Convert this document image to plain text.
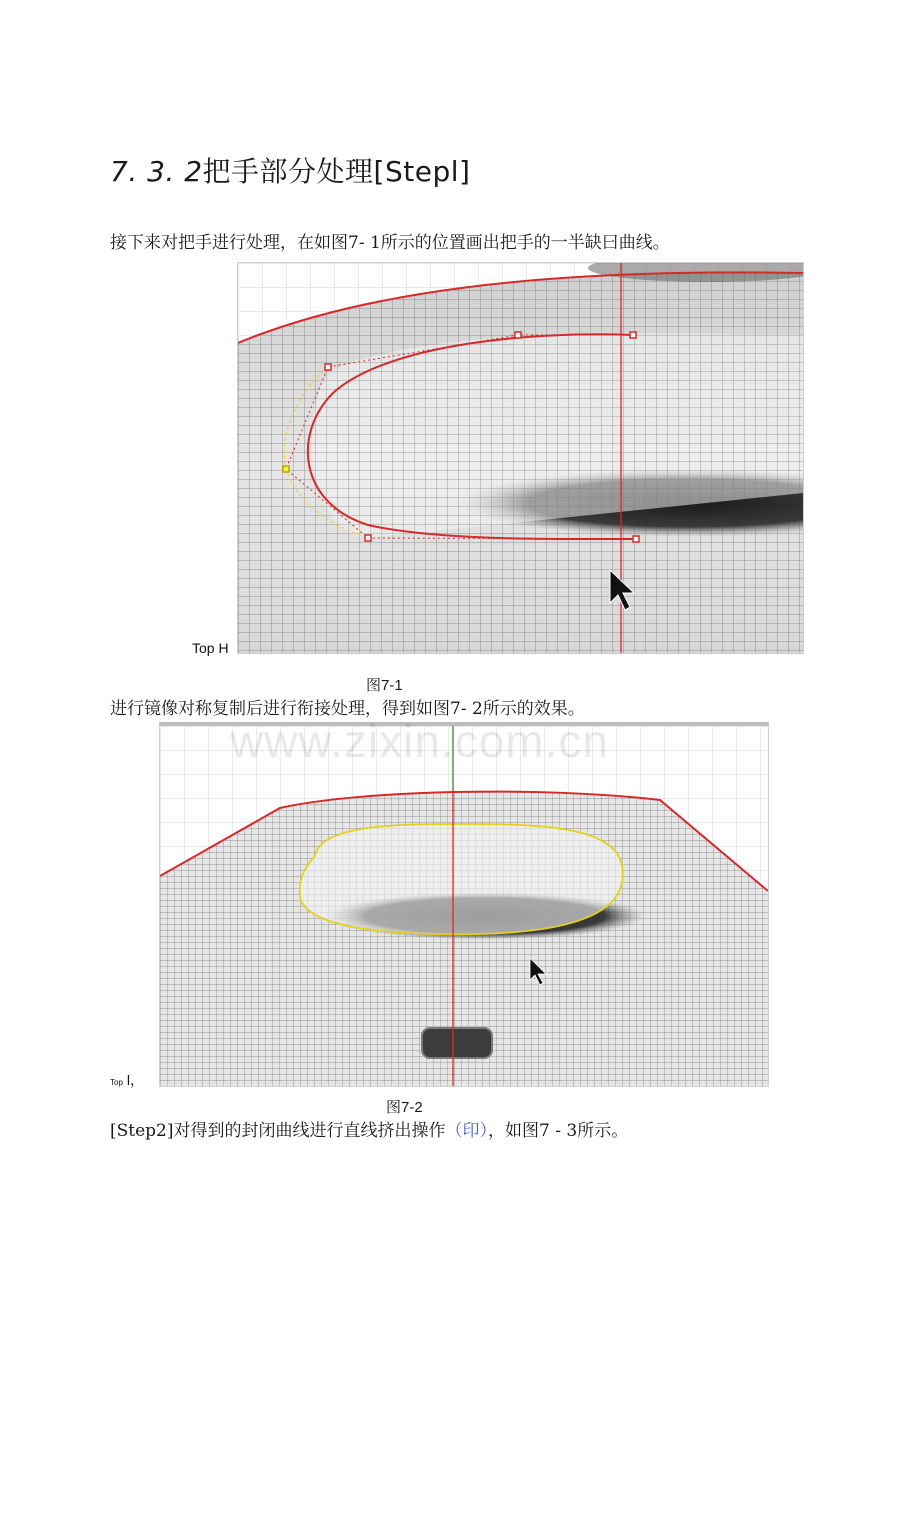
7. 3. 2把手部分处理[Stepl]
接下来对把手进行处理，在如图7- 1所示的位置画出把手的一半缺曰曲线。
Top H
图7-1
进行镜像对称复制后进行衔接处理，得到如图7- 2所示的效果。
Top l，
图7-2
[Step2]对得到的封闭曲线进行直线挤出操作（印），如图7 - 3所示。
www.zixin.com.cn
